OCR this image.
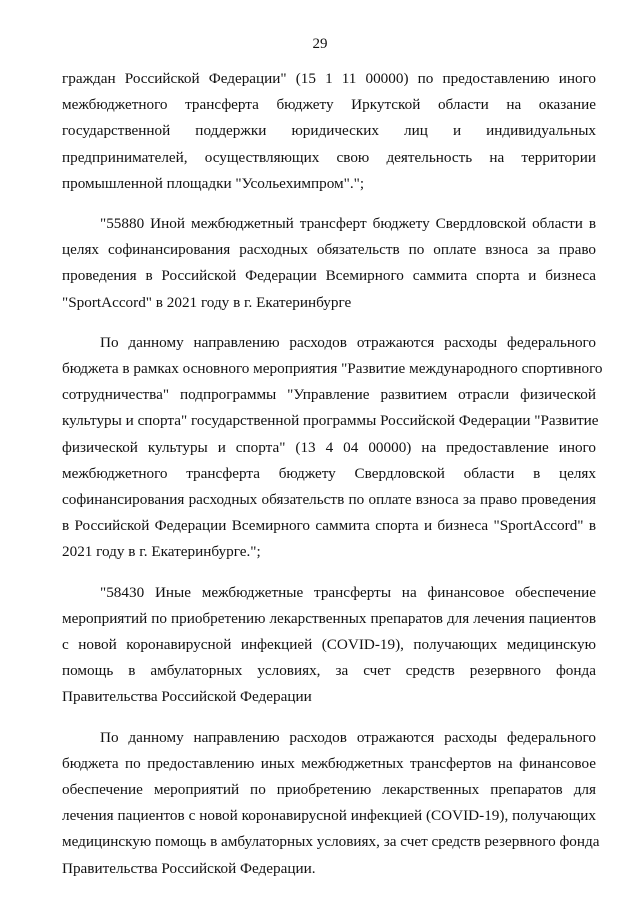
29
граждан Российской Федерации" (15 1 11 00000) по предоставлению иного
межбюджетного трансферта бюджету Иркутской области на оказание
государственной поддержки юридических лиц и индивидуальных
предпринимателей, осуществляющих свою деятельность на территории
промышленной площадки "Усольехимпром".";
"55880 Иной межбюджетный трансферт бюджету Свердловской области в
целях софинансирования расходных обязательств по оплате взноса за право
проведения в Российской Федерации Всемирного саммита спорта и бизнеса
"SportAccord" в 2021 году в г. Екатеринбурге
По данному направлению расходов отражаются расходы федерального
бюджета в рамках основного мероприятия "Развитие международного спортивного
сотрудничества" подпрограммы "Управление развитием отрасли физической
культуры и спорта" государственной программы Российской Федерации "Развитие
физической культуры и спорта" (13 4 04 00000) на предоставление иного
межбюджетного трансферта бюджету Свердловской области в целях
софинансирования расходных обязательств по оплате взноса за право проведения
в Российской Федерации Всемирного саммита спорта и бизнеса "SportAccord" в
2021 году в г. Екатеринбурге.";
"58430 Иные межбюджетные трансферты на финансовое обеспечение
мероприятий по приобретению лекарственных препаратов для лечения пациентов
с новой коронавирусной инфекцией (COVID-19), получающих медицинскую
помощь в амбулаторных условиях, за счет средств резервного фонда
Правительства Российской Федерации
По данному направлению расходов отражаются расходы федерального
бюджета по предоставлению иных межбюджетных трансфертов на финансовое
обеспечение мероприятий по приобретению лекарственных препаратов для
лечения пациентов с новой коронавирусной инфекцией (COVID-19), получающих
медицинскую помощь в амбулаторных условиях, за счет средств резервного фонда
Правительства Российской Федерации.
